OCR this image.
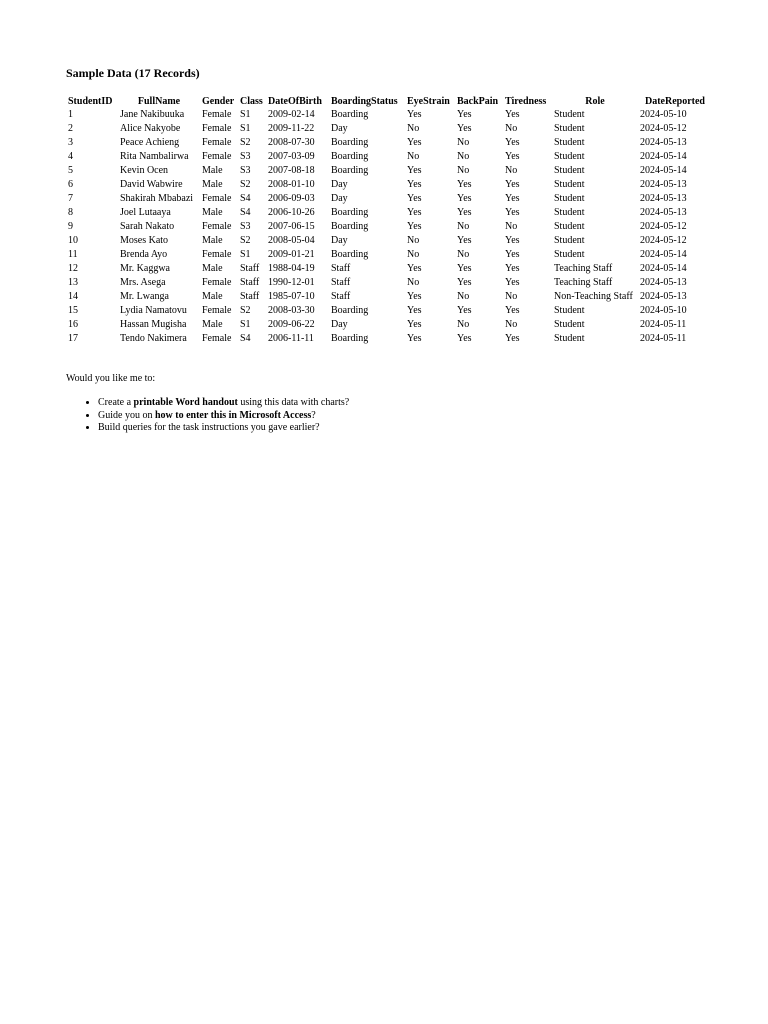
Sample Data (17 Records)
StudentID	FullName	Gender	Class	DateOfBirth	BoardingStatus	EyeStrain	BackPain	Tiredness	Role	DateReported
1	Jane Nakibuuka	Female	S1	2009-02-14	Boarding	Yes	Yes	Yes	Student	2024-05-10
2	Alice Nakyobe	Female	S1	2009-11-22	Day	No	Yes	No	Student	2024-05-12
3	Peace Achieng	Female	S2	2008-07-30	Boarding	Yes	No	Yes	Student	2024-05-13
4	Rita Nambalirwa	Female	S3	2007-03-09	Boarding	No	No	Yes	Student	2024-05-14
5	Kevin Ocen	Male	S3	2007-08-18	Boarding	Yes	No	No	Student	2024-05-14
6	David Wabwire	Male	S2	2008-01-10	Day	Yes	Yes	Yes	Student	2024-05-13
7	Shakirah Mbabazi	Female	S4	2006-09-03	Day	Yes	Yes	Yes	Student	2024-05-13
8	Joel Lutaaya	Male	S4	2006-10-26	Boarding	Yes	Yes	Yes	Student	2024-05-13
9	Sarah Nakato	Female	S3	2007-06-15	Boarding	Yes	No	No	Student	2024-05-12
10	Moses Kato	Male	S2	2008-05-04	Day	No	Yes	Yes	Student	2024-05-12
11	Brenda Ayo	Female	S1	2009-01-21	Boarding	No	No	Yes	Student	2024-05-14
12	Mr. Kaggwa	Male	Staff	1988-04-19	Staff	Yes	Yes	Yes	Teaching Staff	2024-05-14
13	Mrs. Asega	Female	Staff	1990-12-01	Staff	No	Yes	Yes	Teaching Staff	2024-05-13
14	Mr. Lwanga	Male	Staff	1985-07-10	Staff	Yes	No	No	Non-Teaching Staff	2024-05-13
15	Lydia Namatovu	Female	S2	2008-03-30	Boarding	Yes	Yes	Yes	Student	2024-05-10
16	Hassan Mugisha	Male	S1	2009-06-22	Day	Yes	No	No	Student	2024-05-11
17	Tendo Nakimera	Female	S4	2006-11-11	Boarding	Yes	Yes	Yes	Student	2024-05-11

Would you like me to:

• Create a printable Word handout using this data with charts?
• Guide you on how to enter this in Microsoft Access?
• Build queries for the task instructions you gave earlier?
